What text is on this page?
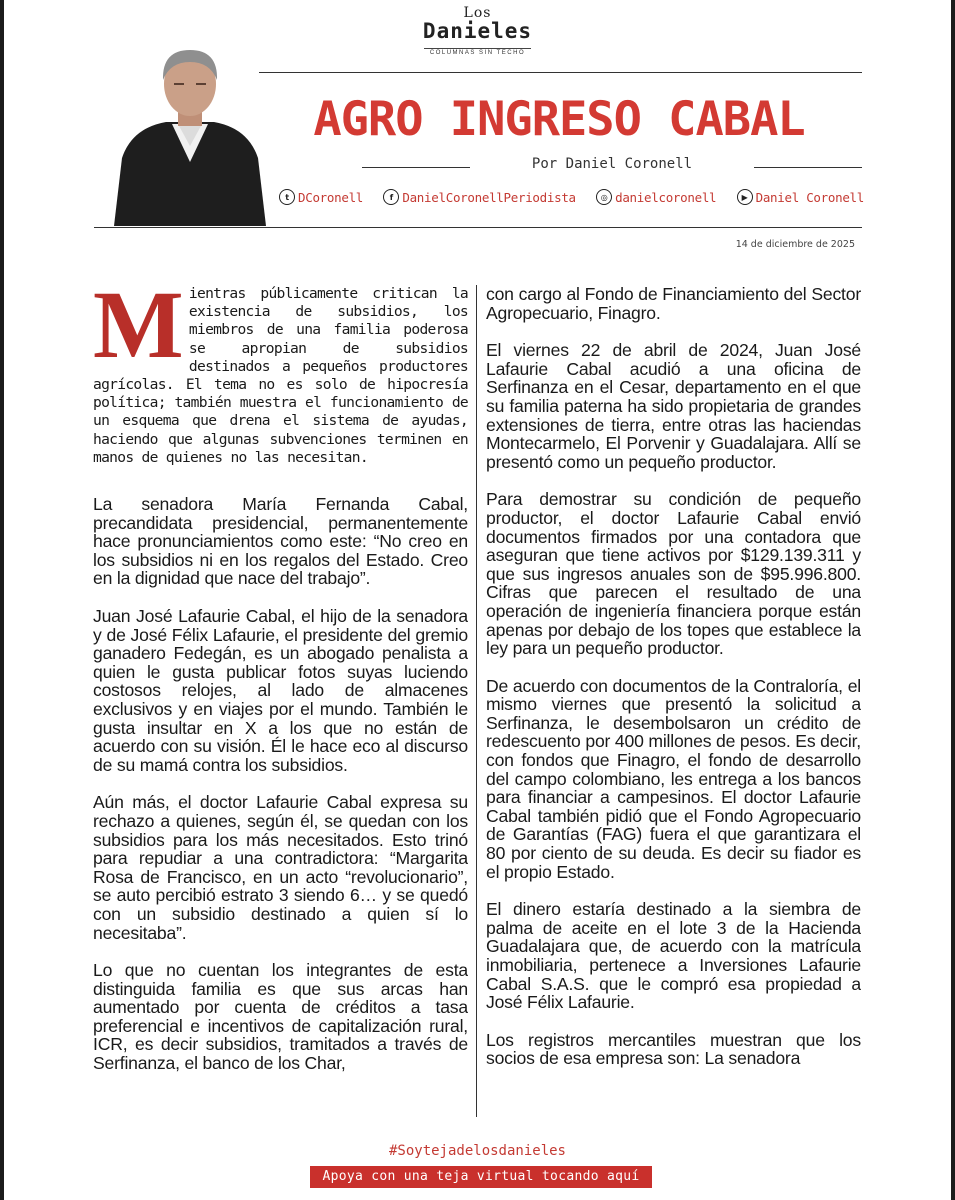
Los
Danieles
COLUMNAS SIN TECHO
AGRO INGRESO CABAL
Por Daniel Coronell
t DCoronell	f DanielCoronellPeriodista	◎ danielcoronell	▶ Daniel Coronell
14 de diciembre de 2025

Mientras públicamente critican la existencia de subsidios, los miembros de una familia poderosa se apropian de subsidios destinados a pequeños productores agrícolas. El tema no es solo de hipocresía política; también muestra el funcionamiento de un esquema que drena el sistema de ayudas, haciendo que algunas subvenciones terminen en manos de quienes no las necesitan.

La senadora María Fernanda Cabal, precandidata presidencial, permanentemente hace pronunciamientos como este: “No creo en los subsidios ni en los regalos del Estado. Creo en la dignidad que nace del trabajo”.

Juan José Lafaurie Cabal, el hijo de la senadora y de José Félix Lafaurie, el presidente del gremio ganadero Fedegán, es un abogado penalista a quien le gusta publicar fotos suyas luciendo costosos relojes, al lado de almacenes exclusivos y en viajes por el mundo. También le gusta insultar en X a los que no están de acuerdo con su visión. Él le hace eco al discurso de su mamá contra los subsidios.

Aún más, el doctor Lafaurie Cabal expresa su rechazo a quienes, según él, se quedan con los subsidios para los más necesitados. Esto trinó para repudiar a una contradictora: “Margarita Rosa de Francisco, en un acto “revolucionario”, se auto percibió estrato 3 siendo 6… y se quedó con un subsidio destinado a quien sí lo necesitaba”.

Lo que no cuentan los integrantes de esta distinguida familia es que sus arcas han aumentado por cuenta de créditos a tasa preferencial e incentivos de capitalización rural, ICR, es decir subsidios, tramitados a través de Serfinanza, el banco de los Char,

con cargo al Fondo de Financiamiento del Sector Agropecuario, Finagro.

El viernes 22 de abril de 2024, Juan José Lafaurie Cabal acudió a una oficina de Serfinanza en el Cesar, departamento en el que su familia paterna ha sido propietaria de grandes extensiones de tierra, entre otras las haciendas Montecarmelo, El Porvenir y Guadalajara. Allí se presentó como un pequeño productor.

Para demostrar su condición de pequeño productor, el doctor Lafaurie Cabal envió documentos firmados por una contadora que aseguran que tiene activos por $129.139.311 y que sus ingresos anuales son de $95.996.800. Cifras que parecen el resultado de una operación de ingeniería financiera porque están apenas por debajo de los topes que establece la ley para un pequeño productor.

De acuerdo con documentos de la Contraloría, el mismo viernes que presentó la solicitud a Serfinanza, le desembolsaron un crédito de redescuento por 400 millones de pesos. Es decir, con fondos que Finagro, el fondo de desarrollo del campo colombiano, les entrega a los bancos para financiar a campesinos. El doctor Lafaurie Cabal también pidió que el Fondo Agropecuario de Garantías (FAG) fuera el que garantizara el 80 por ciento de su deuda. Es decir su fiador es el propio Estado.

El dinero estaría destinado a la siembra de palma de aceite en el lote 3 de la Hacienda Guadalajara que, de acuerdo con la matrícula inmobiliaria, pertenece a Inversiones Lafaurie Cabal S.A.S. que le compró esa propiedad a José Félix Lafaurie.

Los registros mercantiles muestran que los socios de esa empresa son: La senadora

#Soytejadelosdanieles
Apoya con una teja virtual tocando aquí
